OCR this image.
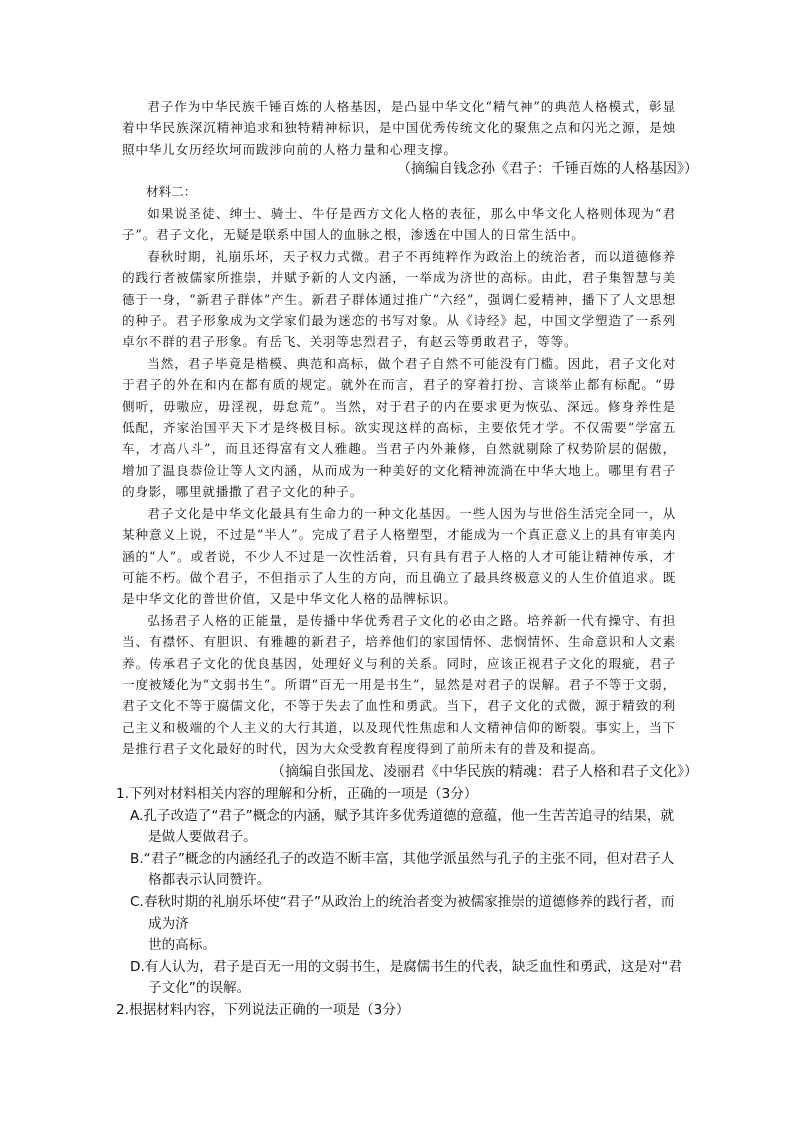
君子作为中华民族千锤百炼的人格基因，是凸显中华文化“精气神”的典范人格模式，彰显着中华民族深沉精神追求和独特精神标识，是中国优秀传统文化的聚焦之点和闪光之源，是烛照中华儿女历经坎坷而跋涉向前的人格力量和心理支撑。

（摘编自钱念孙《君子：千锤百炼的人格基因》）
材料二：

如果说圣徒、绅士、骑士、牛仔是西方文化人格的表征，那么中华文化人格则体现为“君子”。君子文化，无疑是联系中国人的血脉之根，渗透在中国人的日常生活中。

春秋时期，礼崩乐坏，天子权力式微。君子不再纯粹作为政治上的统治者，而以道德修养的践行者被儒家所推崇，并赋予新的人文内涵，一举成为济世的高标。由此，君子集智慧与美德于一身，“新君子群体”产生。新君子群体通过推广“六经”，强调仁爱精神，播下了人文思想的种子。君子形象成为文学家们最为迷恋的书写对象。从《诗经》起，中国文学塑造了一系列卓尔不群的君子形象。有岳飞、关羽等忠烈君子，有赵云等勇敢君子，等等。

当然，君子毕竟是楷模、典范和高标，做个君子自然不可能没有门槛。因此，君子文化对于君子的外在和内在都有质的规定。就外在而言，君子的穿着打扮、言谈举止都有标配。“毋侧听，毋嗷应，毋淫视，毋怠荒”。当然，对于君子的内在要求更为恢弘、深远。修身养性是低配，齐家治国平天下才是终极目标。欲实现这样的高标，主要依凭才学。不仅需要“学富五车，才高八斗”，而且还得富有文人雅趣。当君子内外兼修，自然就剔除了权势阶层的倨傲，增加了温良恭俭让等人文内涵，从而成为一种美好的文化精神流淌在中华大地上。哪里有君子的身影，哪里就播撒了君子文化的种子。

君子文化是中华文化最具有生命力的一种文化基因。一些人因为与世俗生活完全同一，从某种意义上说，不过是“半人”。完成了君子人格塑型，才能成为一个真正意义上的具有审美内涵的“人”。或者说，不少人不过是一次性活着，只有具有君子人格的人才可能让精神传承，才可能不朽。做个君子，不但指示了人生的方向，而且确立了最具终极意义的人生价值追求。既是中华文化的普世价值，又是中华文化人格的品牌标识。

弘扬君子人格的正能量，是传播中华优秀君子文化的必由之路。培养新一代有操守、有担当、有襟怀、有胆识、有雅趣的新君子，培养他们的家国情怀、悲悯情怀、生命意识和人文素养。传承君子文化的优良基因，处理好义与利的关系。同时，应该正视君子文化的瑕疵，君子一度被矮化为“文弱书生”。所谓“百无一用是书生”，显然是对君子的误解。君子不等于文弱，君子文化不等于腐儒文化，不等于失去了血性和勇武。当下，君子文化的式微，源于精致的利己主义和极端的个人主义的大行其道，以及现代性焦虑和人文精神信仰的断裂。事实上，当下是推行君子文化最好的时代，因为大众受教育程度得到了前所未有的普及和提高。

（摘编自张国龙、凌丽君《中华民族的精魂：君子人格和君子文化》）

1.下列对材料相关内容的理解和分析，正确的一项是（3分）

A.孔子改造了“君子”概念的内涵，赋予其许多优秀道德的意蕴，他一生苦苦追寻的结果，就是做人要做君子。

B.“君子”概念的内涵经孔子的改造不断丰富，其他学派虽然与孔子的主张不同，但对君子人格都表示认同赞许。

C.春秋时期的礼崩乐坏使“君子”从政治上的统治者变为被儒家推崇的道德修养的践行者，而成为济
世的高标。

D.有人认为，君子是百无一用的文弱书生，是腐儒书生的代表，缺乏血性和勇武，这是对“君子文化”的误解。

2.根据材料内容，下列说法正确的一项是（3分）
